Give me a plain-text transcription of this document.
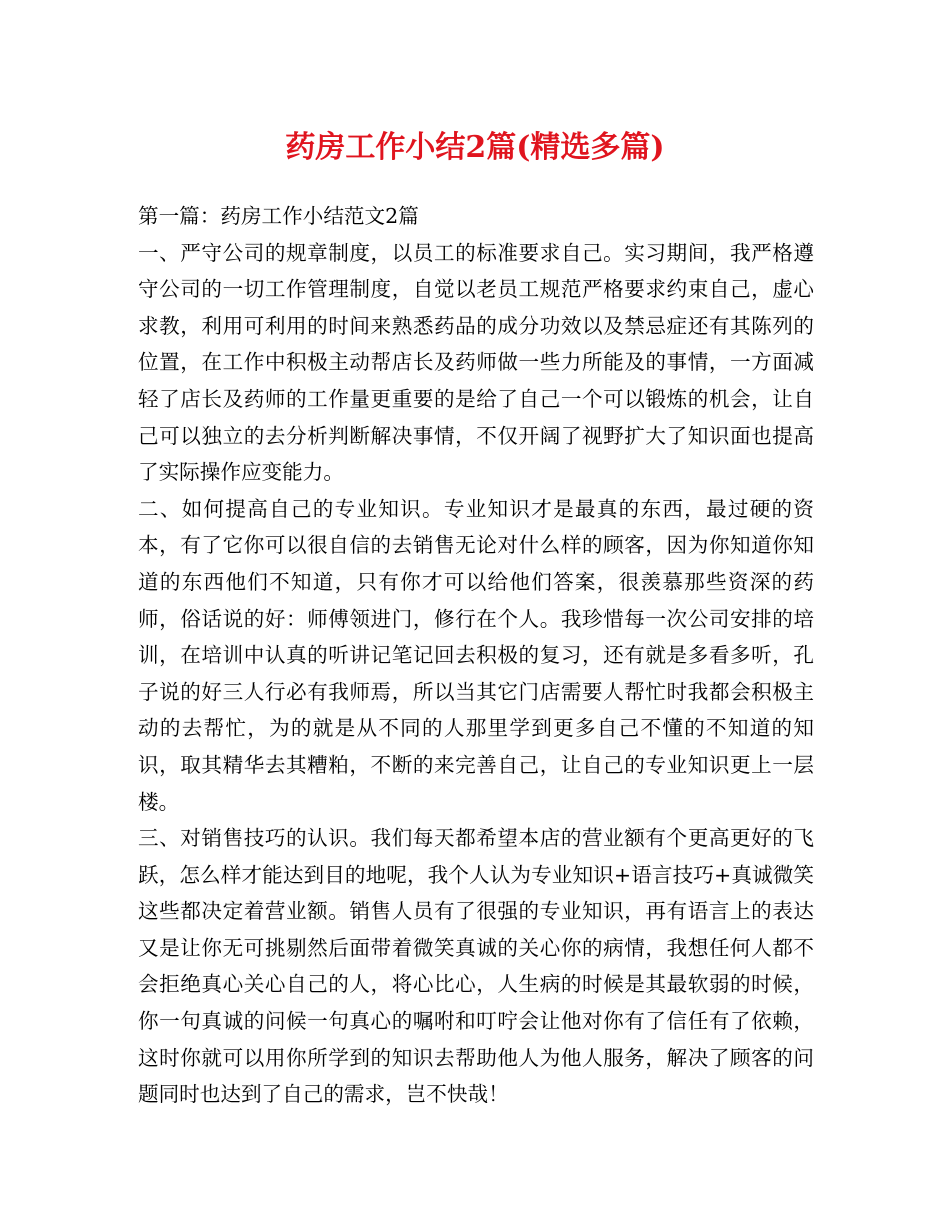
药房工作小结2篇(精选多篇)

第一篇：药房工作小结范文2篇

一、严守公司的规章制度，以员工的标准要求自己。实习期间，我严格遵守公司的一切工作管理制度，自觉以老员工规范严格要求约束自己，虚心求教，利用可利用的时间来熟悉药品的成分功效以及禁忌症还有其陈列的位置，在工作中积极主动帮店长及药师做一些力所能及的事情，一方面减轻了店长及药师的工作量更重要的是给了自己一个可以锻炼的机会，让自己可以独立的去分析判断解决事情，不仅开阔了视野扩大了知识面也提高了实际操作应变能力。

二、如何提高自己的专业知识。专业知识才是最真的东西，最过硬的资本，有了它你可以很自信的去销售无论对什么样的顾客，因为你知道你知道的东西他们不知道，只有你才可以给他们答案，很羡慕那些资深的药师，俗话说的好：师傅领进门，修行在个人。我珍惜每一次公司安排的培训，在培训中认真的听讲记笔记回去积极的复习，还有就是多看多听，孔子说的好三人行必有我师焉，所以当其它门店需要人帮忙时我都会积极主动的去帮忙，为的就是从不同的人那里学到更多自己不懂的不知道的知识，取其精华去其糟粕，不断的来完善自己，让自己的专业知识更上一层楼。

三、对销售技巧的认识。我们每天都希望本店的营业额有个更高更好的飞跃，怎么样才能达到目的地呢，我个人认为专业知识+语言技巧+真诚微笑这些都决定着营业额。销售人员有了很强的专业知识，再有语言上的表达又是让你无可挑剔然后面带着微笑真诚的关心你的病情，我想任何人都不会拒绝真心关心自己的人，将心比心，人生病的时候是其最软弱的时候，你一句真诚的问候一句真心的嘱咐和叮咛会让他对你有了信任有了依赖，这时你就可以用你所学到的知识去帮助他人为他人服务，解决了顾客的问题同时也达到了自己的需求，岂不快哉！
